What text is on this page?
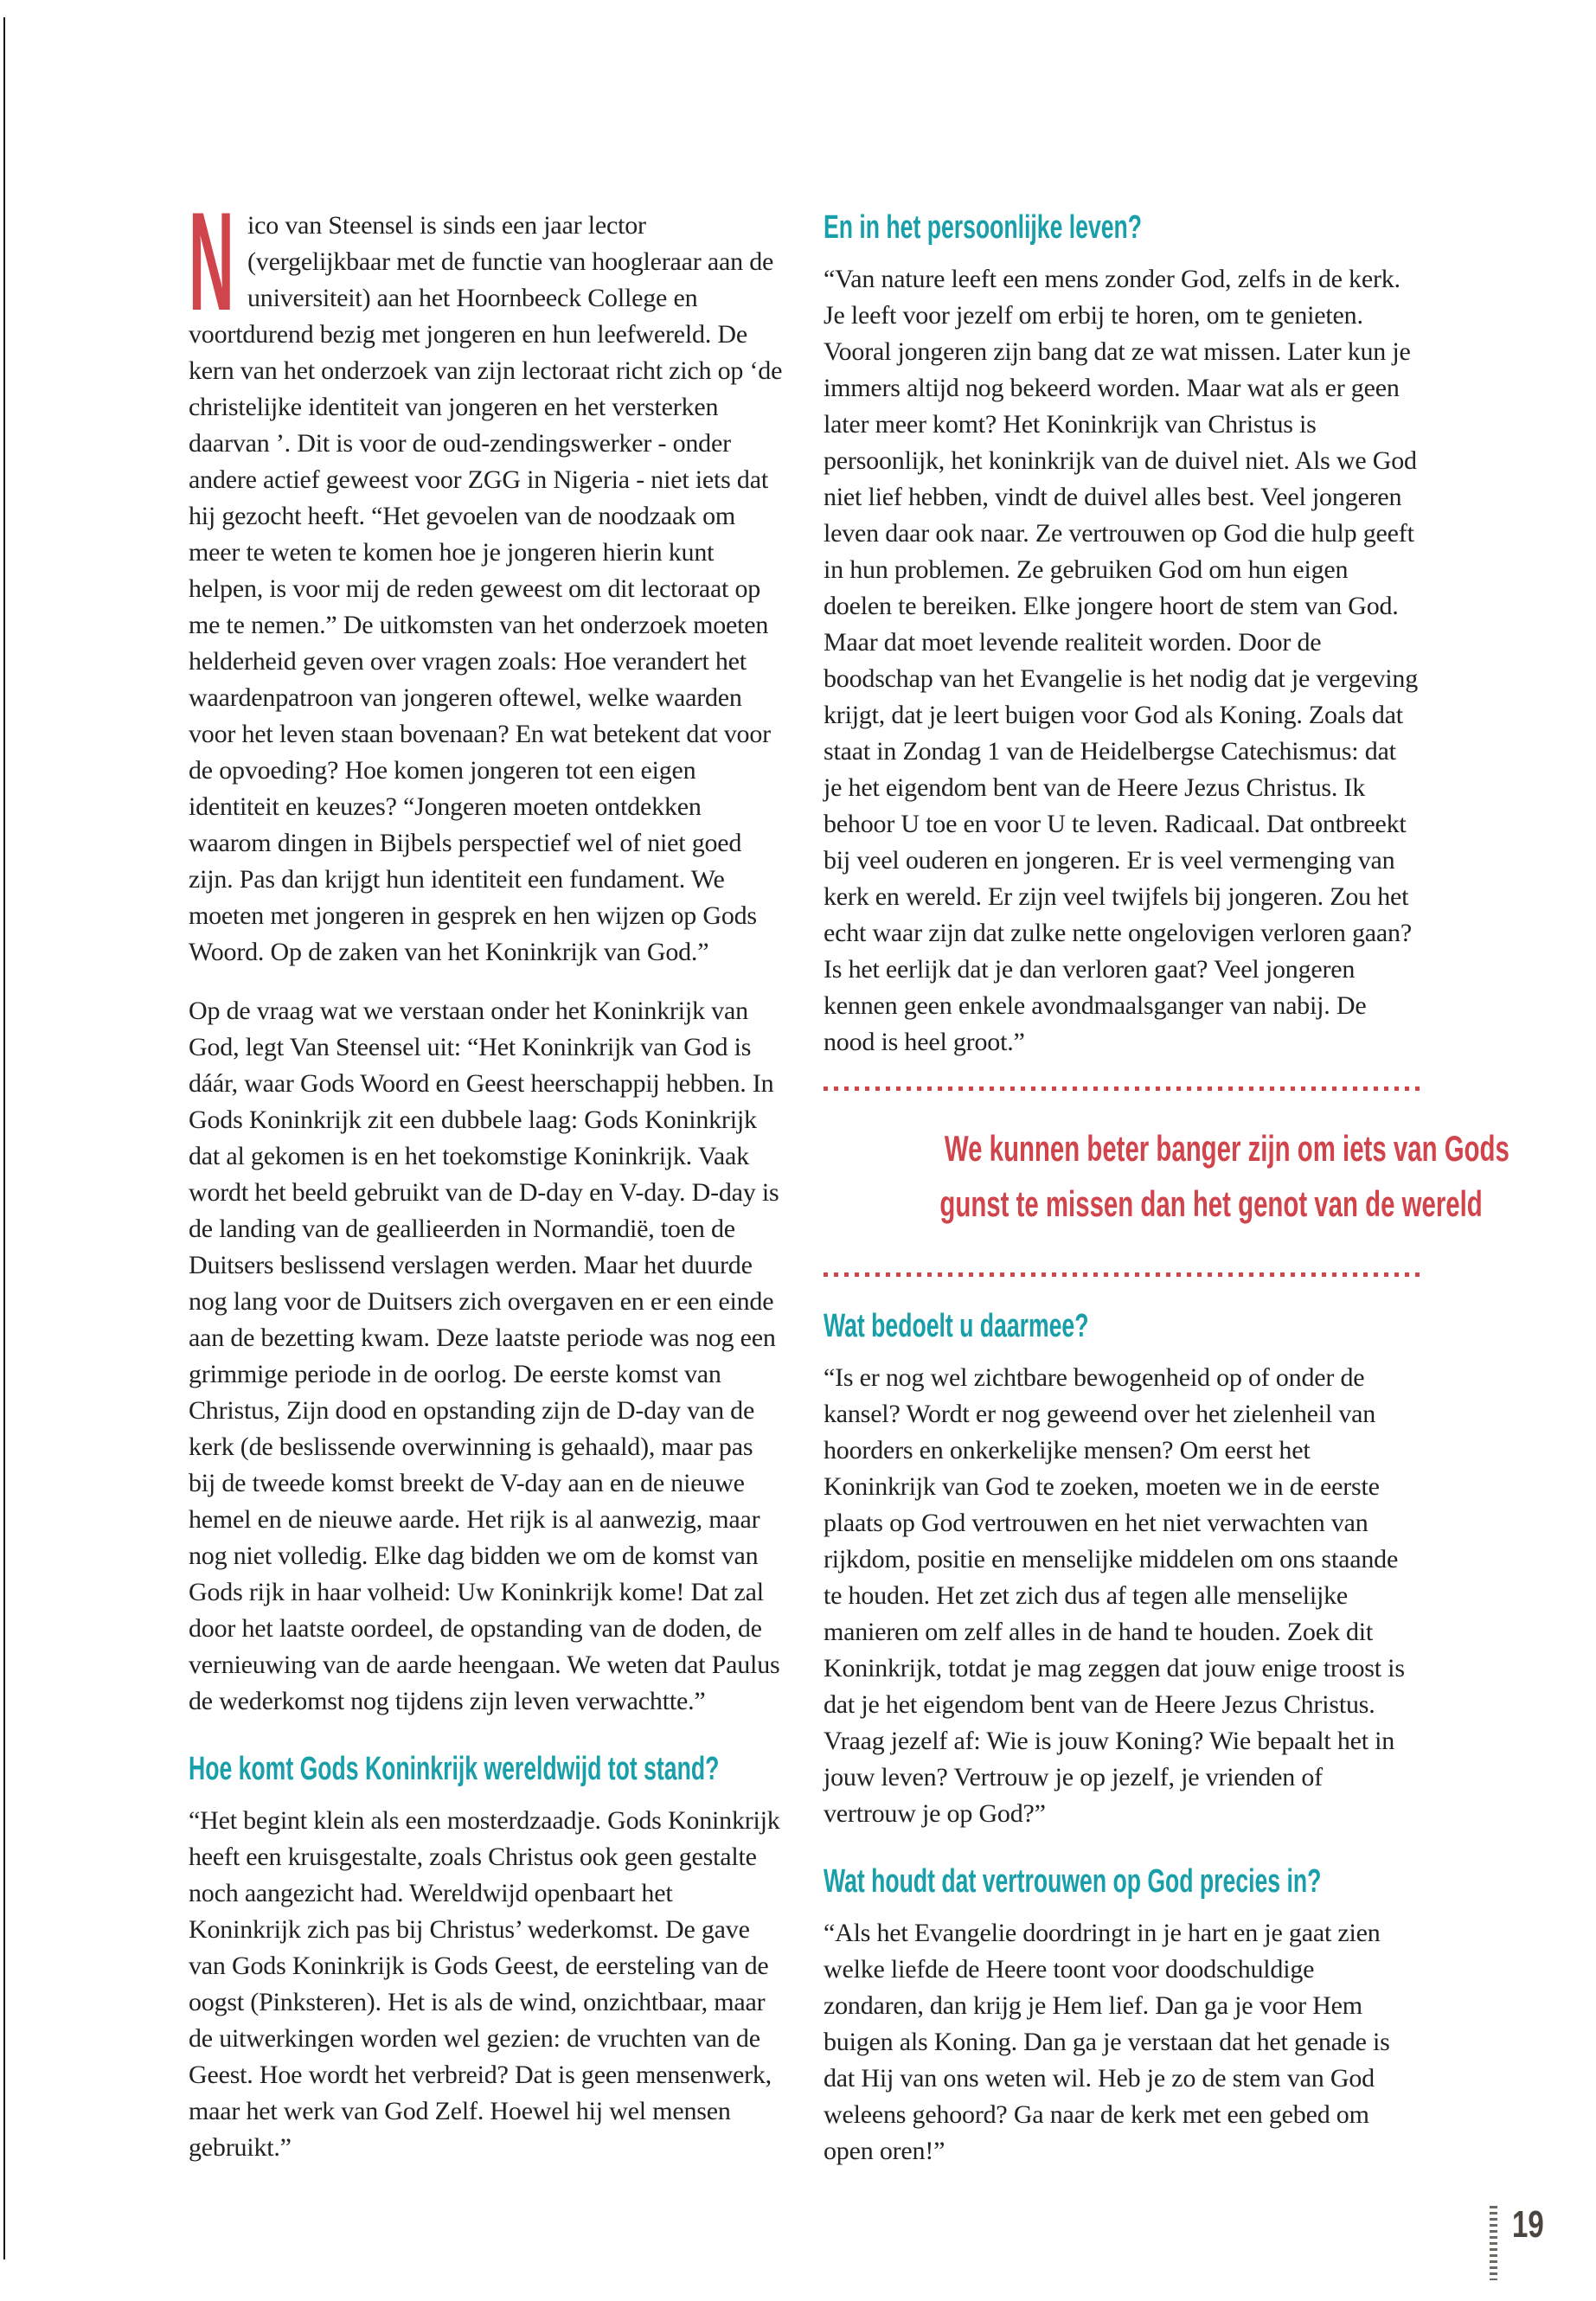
Nico van Steensel is sinds een jaar lector (vergelijkbaar met de functie van hoogleraar aan de universiteit) aan het Hoornbeeck College en voortdurend bezig met jongeren en hun leefwereld. De kern van het onderzoek van zijn lectoraat richt zich op ‘de christelijke identiteit van jongeren en het versterken daarvan ’. Dit is voor de oud-zendingswerker - onder andere actief geweest voor ZGG in Nigeria - niet iets dat hij gezocht heeft. “Het gevoelen van de noodzaak om meer te weten te komen hoe je jongeren hierin kunt helpen, is voor mij de reden geweest om dit lectoraat op me te nemen.” De uitkomsten van het onderzoek moeten helderheid geven over vragen zoals: Hoe verandert het waardenpatroon van jongeren oftewel, welke waarden voor het leven staan bovenaan? En wat betekent dat voor de opvoeding? Hoe komen jongeren tot een eigen identiteit en keuzes? “Jongeren moeten ontdekken waarom dingen in Bijbels perspectief wel of niet goed zijn. Pas dan krijgt hun identiteit een fundament. We moeten met jongeren in gesprek en hen wijzen op Gods Woord. Op de zaken van het Koninkrijk van God.”

Op de vraag wat we verstaan onder het Koninkrijk van God, legt Van Steensel uit: “Het Koninkrijk van God is dáár, waar Gods Woord en Geest heerschappij hebben. In Gods Koninkrijk zit een dubbele laag: Gods Koninkrijk dat al gekomen is en het toekomstige Koninkrijk. Vaak wordt het beeld gebruikt van de D-day en V-day. D-day is de landing van de geallieerden in Normandië, toen de Duitsers beslissend verslagen werden. Maar het duurde nog lang voor de Duitsers zich overgaven en er een einde aan de bezetting kwam. Deze laatste periode was nog een grimmige periode in de oorlog. De eerste komst van Christus, Zijn dood en opstanding zijn de D-day van de kerk (de beslissende overwinning is gehaald), maar pas bij de tweede komst breekt de V-day aan en de nieuwe hemel en de nieuwe aarde. Het rijk is al aanwezig, maar nog niet volledig. Elke dag bidden we om de komst van Gods rijk in haar volheid: Uw Koninkrijk kome! Dat zal door het laatste oordeel, de opstanding van de doden, de vernieuwing van de aarde heengaan. We weten dat Paulus de wederkomst nog tijdens zijn leven verwachtte.”

Hoe komt Gods Koninkrijk wereldwijd tot stand?

“Het begint klein als een mosterdzaadje. Gods Koninkrijk heeft een kruisgestalte, zoals Christus ook geen gestalte noch aangezicht had. Wereldwijd openbaart het Koninkrijk zich pas bij Christus’ wederkomst. De gave van Gods Koninkrijk is Gods Geest, de eersteling van de oogst (Pinksteren). Het is als de wind, onzichtbaar, maar de uitwerkingen worden wel gezien: de vruchten van de Geest. Hoe wordt het verbreid? Dat is geen mensenwerk, maar het werk van God Zelf. Hoewel hij wel mensen gebruikt.”

En in het persoonlijke leven?

“Van nature leeft een mens zonder God, zelfs in de kerk. Je leeft voor jezelf om erbij te horen, om te genieten. Vooral jongeren zijn bang dat ze wat missen. Later kun je immers altijd nog bekeerd worden. Maar wat als er geen later meer komt? Het Koninkrijk van Christus is persoonlijk, het koninkrijk van de duivel niet. Als we God niet lief hebben, vindt de duivel alles best. Veel jongeren leven daar ook naar. Ze vertrouwen op God die hulp geeft in hun problemen. Ze gebruiken God om hun eigen doelen te bereiken. Elke jongere hoort de stem van God. Maar dat moet levende realiteit worden. Door de boodschap van het Evangelie is het nodig dat je vergeving krijgt, dat je leert buigen voor God als Koning. Zoals dat staat in Zondag 1 van de Heidelbergse Catechismus: dat je het eigendom bent van de Heere Jezus Christus. Ik behoor U toe en voor U te leven. Radicaal. Dat ontbreekt bij veel ouderen en jongeren. Er is veel vermenging van kerk en wereld. Er zijn veel twijfels bij jongeren. Zou het echt waar zijn dat zulke nette ongelovigen verloren gaan? Is het eerlijk dat je dan verloren gaat? Veel jongeren kennen geen enkele avondmaalsganger van nabij. De nood is heel groot.”

We kunnen beter banger zijn om iets van Gods
gunst te missen dan het genot van de wereld
Wat bedoelt u daarmee?

“Is er nog wel zichtbare bewogenheid op of onder de kansel? Wordt er nog geweend over het zielenheil van hoorders en onkerkelijke mensen? Om eerst het Koninkrijk van God te zoeken, moeten we in de eerste plaats op God vertrouwen en het niet verwachten van rijkdom, positie en menselijke middelen om ons staande te houden. Het zet zich dus af tegen alle menselijke manieren om zelf alles in de hand te houden. Zoek dit Koninkrijk, totdat je mag zeggen dat jouw enige troost is dat je het eigendom bent van de Heere Jezus Christus. Vraag jezelf af: Wie is jouw Koning? Wie bepaalt het in jouw leven? Vertrouw je op jezelf, je vrienden of vertrouw je op God?”

Wat houdt dat vertrouwen op God precies in?

“Als het Evangelie doordringt in je hart en je gaat zien welke liefde de Heere toont voor doodschuldige zondaren, dan krijg je Hem lief. Dan ga je voor Hem buigen als Koning. Dan ga je verstaan dat het genade is dat Hij van ons weten wil. Heb je zo de stem van God weleens gehoord? Ga naar de kerk met een gebed om open oren!”

19
